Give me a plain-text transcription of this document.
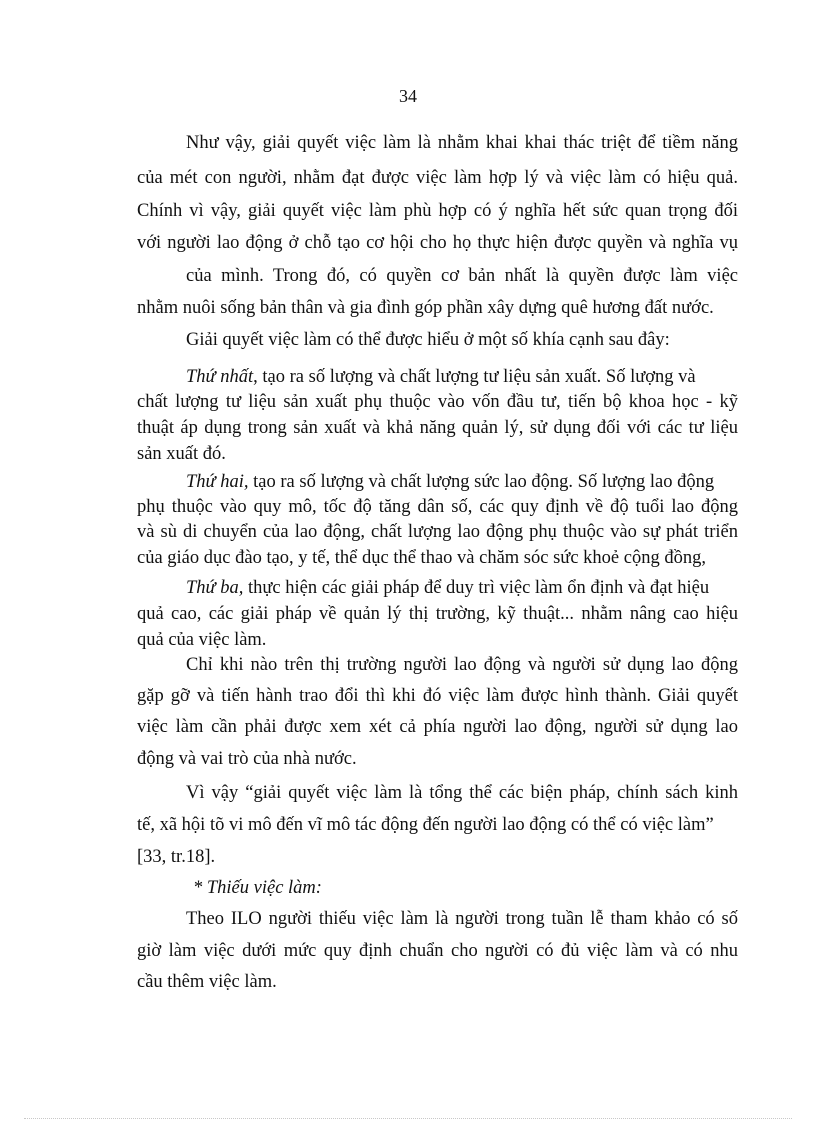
34
Như vậy, giải quyết việc làm là nhằm khai khai thác triệt để tiềm năng
của mét con người, nhằm đạt được việc làm hợp lý và việc làm có hiệu quả.
Chính vì vậy, giải quyết việc làm phù hợp có ý nghĩa hết sức quan trọng đối
với người lao động ở chỗ tạo cơ hội cho họ thực hiện được quyền và nghĩa vụ
của mình. Trong đó, có quyền cơ bản nhất là quyền được làm việc
nhằm nuôi sống bản thân và gia đình góp phần xây dựng quê hương đất nước.
Giải quyết việc làm có thể được hiểu ở một số khía cạnh sau đây:
Thứ nhất, tạo ra số lượng và chất lượng tư liệu sản xuất. Số lượng và
chất lượng tư liệu sản xuất phụ thuộc vào vốn đầu tư, tiến bộ khoa học - kỹ
thuật áp dụng trong sản xuất và khả năng quản lý, sử dụng đối với các tư liệu
sản xuất đó.
Thứ hai, tạo ra số lượng và chất lượng sức lao động. Số lượng lao động
phụ thuộc vào quy mô, tốc độ tăng dân số, các quy định về độ tuổi lao động
và sù di chuyển của lao động, chất lượng lao động phụ thuộc vào sự phát triển
của giáo dục đào tạo, y tế, thể dục thể thao và chăm sóc sức khoẻ cộng đồng,
Thứ ba, thực hiện các giải pháp để duy trì việc làm ổn định và đạt hiệu
quả cao, các giải pháp về quản lý thị trường, kỹ thuật... nhằm nâng cao hiệu
quả của việc làm.
Chỉ khi nào trên thị trường người lao động và người sử dụng lao động
gặp gỡ và tiến hành trao đổi thì khi đó việc làm được hình thành. Giải quyết
việc làm cần phải được xem xét cả phía người lao động, người sử dụng lao
động và vai trò của nhà nước.
Vì vậy “giải quyết việc làm là tổng thể các biện pháp, chính sách kinh
tế, xã hội tõ vi mô đến vĩ mô tác động đến người lao động có thể có việc làm”
[33, tr.18].
* Thiếu việc làm:
Theo ILO người thiếu việc làm là người trong tuần lễ tham khảo có số
giờ làm việc dưới mức quy định chuẩn cho người có đủ việc làm và có nhu
cầu thêm việc làm.
